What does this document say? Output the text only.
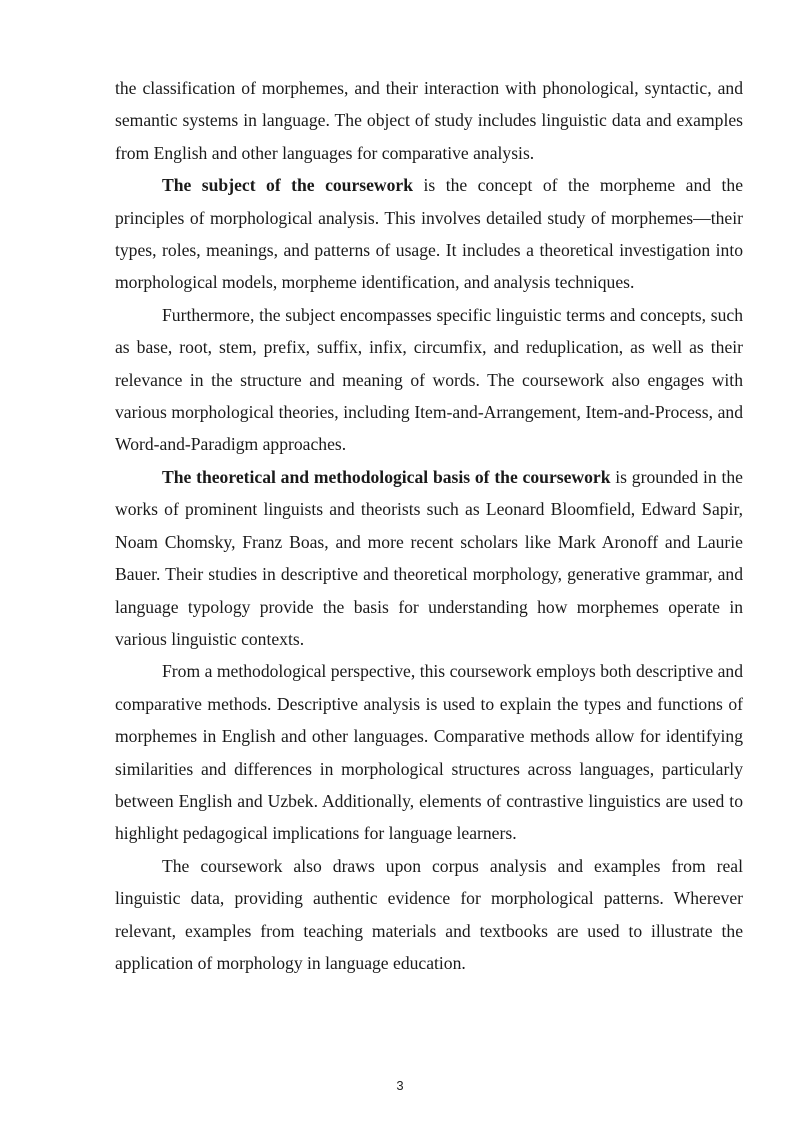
the classification of morphemes, and their interaction with phonological, syntactic, and semantic systems in language. The object of study includes linguistic data and examples from English and other languages for comparative analysis.

The subject of the coursework is the concept of the morpheme and the principles of morphological analysis. This involves detailed study of morphemes—their types, roles, meanings, and patterns of usage. It includes a theoretical investigation into morphological models, morpheme identification, and analysis techniques.

Furthermore, the subject encompasses specific linguistic terms and concepts, such as base, root, stem, prefix, suffix, infix, circumfix, and reduplication, as well as their relevance in the structure and meaning of words. The coursework also engages with various morphological theories, including Item-and-Arrangement, Item-and-Process, and Word-and-Paradigm approaches.

The theoretical and methodological basis of the coursework is grounded in the works of prominent linguists and theorists such as Leonard Bloomfield, Edward Sapir, Noam Chomsky, Franz Boas, and more recent scholars like Mark Aronoff and Laurie Bauer. Their studies in descriptive and theoretical morphology, generative grammar, and language typology provide the basis for understanding how morphemes operate in various linguistic contexts.

From a methodological perspective, this coursework employs both descriptive and comparative methods. Descriptive analysis is used to explain the types and functions of morphemes in English and other languages. Comparative methods allow for identifying similarities and differences in morphological structures across languages, particularly between English and Uzbek. Additionally, elements of contrastive linguistics are used to highlight pedagogical implications for language learners.

The coursework also draws upon corpus analysis and examples from real linguistic data, providing authentic evidence for morphological patterns. Wherever relevant, examples from teaching materials and textbooks are used to illustrate the application of morphology in language education.

3
